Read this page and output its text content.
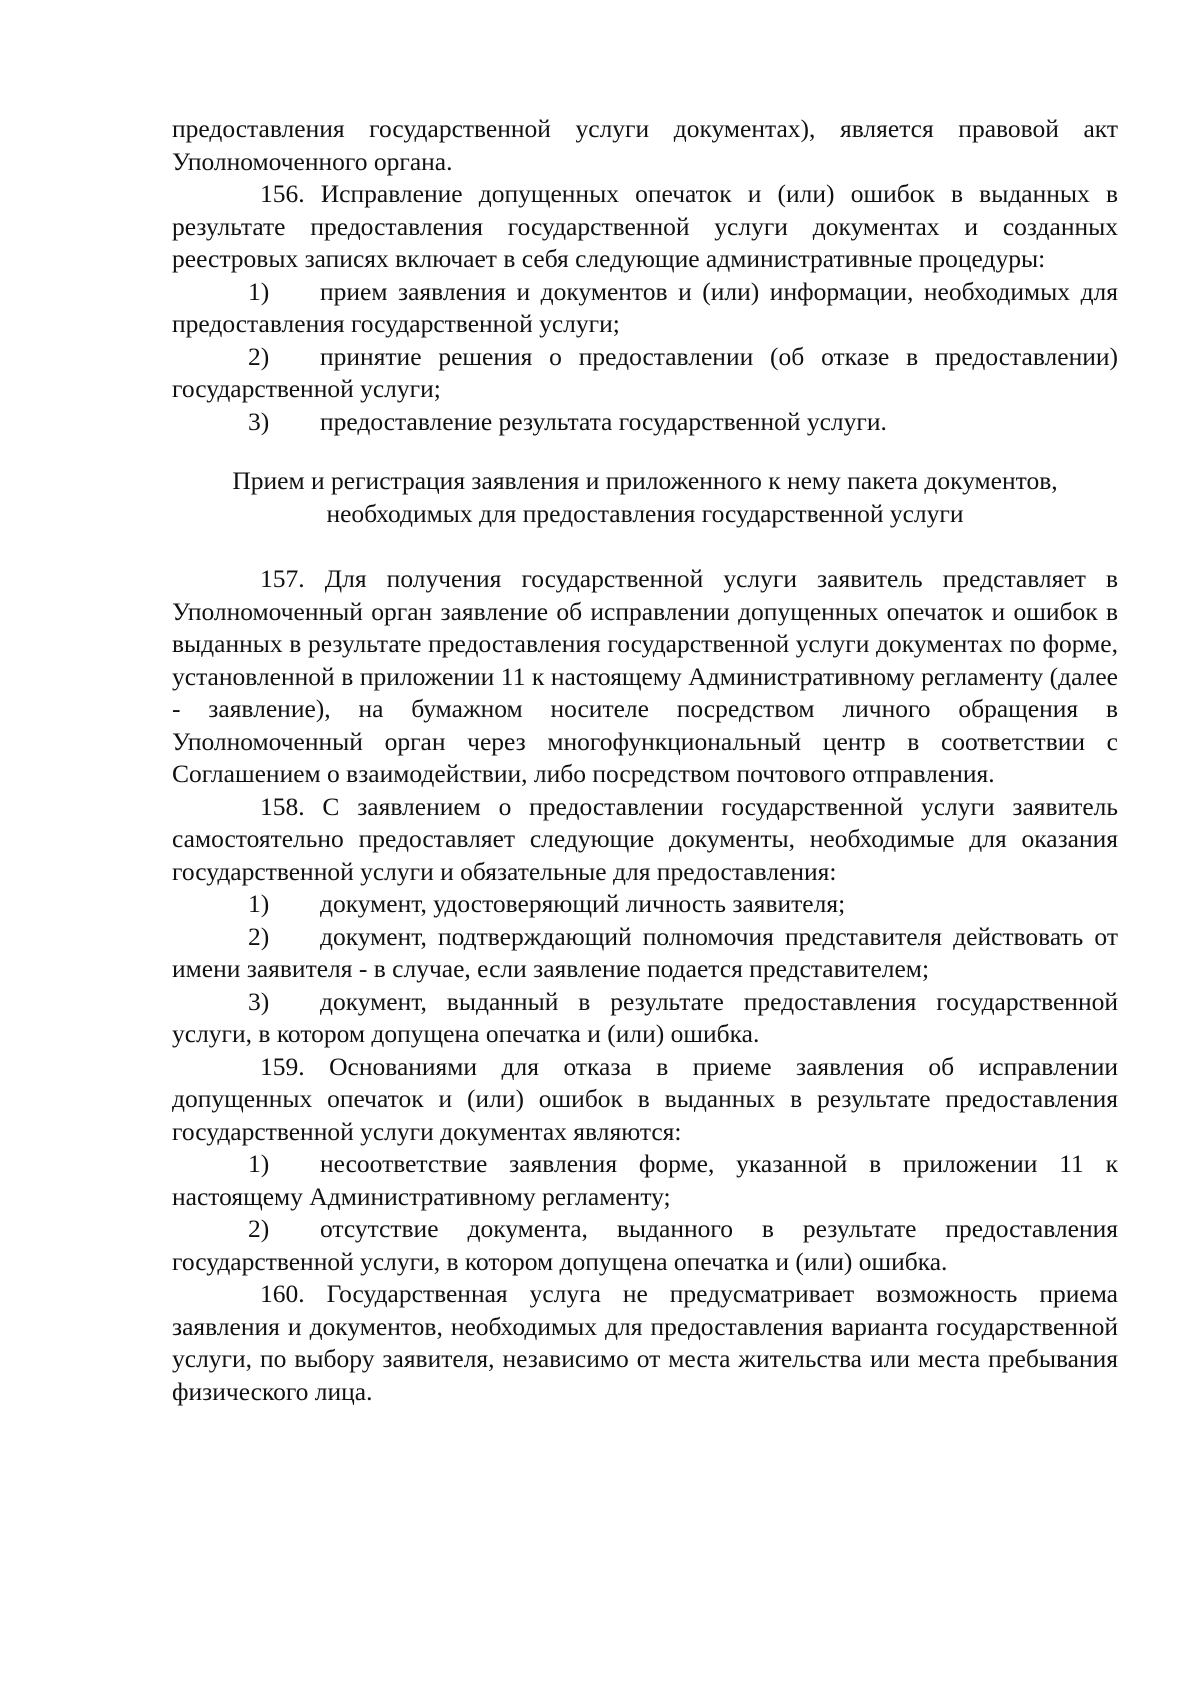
предоставления государственной услуги документах), является правовой акт Уполномоченного органа.

156. Исправление допущенных опечаток и (или) ошибок в выданных в результате предоставления государственной услуги документах и созданных реестровых записях включает в себя следующие административные процедуры:

1) прием заявления и документов и (или) информации, необходимых для предоставления государственной услуги;

2) принятие решения о предоставлении (об отказе в предоставлении) государственной услуги;

3) предоставление результата государственной услуги.

Прием и регистрация заявления и приложенного к нему пакета документов,
необходимых для предоставления государственной услуги

157. Для получения государственной услуги заявитель представляет в Уполномоченный орган заявление об исправлении допущенных опечаток и ошибок в выданных в результате предоставления государственной услуги документах по форме, установленной в приложении 11 к настоящему Административному регламенту (далее - заявление), на бумажном носителе посредством личного обращения в Уполномоченный орган через многофункциональный центр в соответствии с Соглашением о взаимодействии, либо посредством почтового отправления.

158. С заявлением о предоставлении государственной услуги заявитель самостоятельно предоставляет следующие документы, необходимые для оказания государственной услуги и обязательные для предоставления:

1) документ, удостоверяющий личность заявителя;

2) документ, подтверждающий полномочия представителя действовать от имени заявителя - в случае, если заявление подается представителем;

3) документ, выданный в результате предоставления государственной услуги, в котором допущена опечатка и (или) ошибка.

159. Основаниями для отказа в приеме заявления об исправлении допущенных опечаток и (или) ошибок в выданных в результате предоставления государственной услуги документах являются:

1) несоответствие заявления форме, указанной в приложении 11 к настоящему Административному регламенту;

2) отсутствие документа, выданного в результате предоставления государственной услуги, в котором допущена опечатка и (или) ошибка.

160. Государственная услуга не предусматривает возможность приема заявления и документов, необходимых для предоставления варианта государственной услуги, по выбору заявителя, независимо от места жительства или места пребывания физического лица.
